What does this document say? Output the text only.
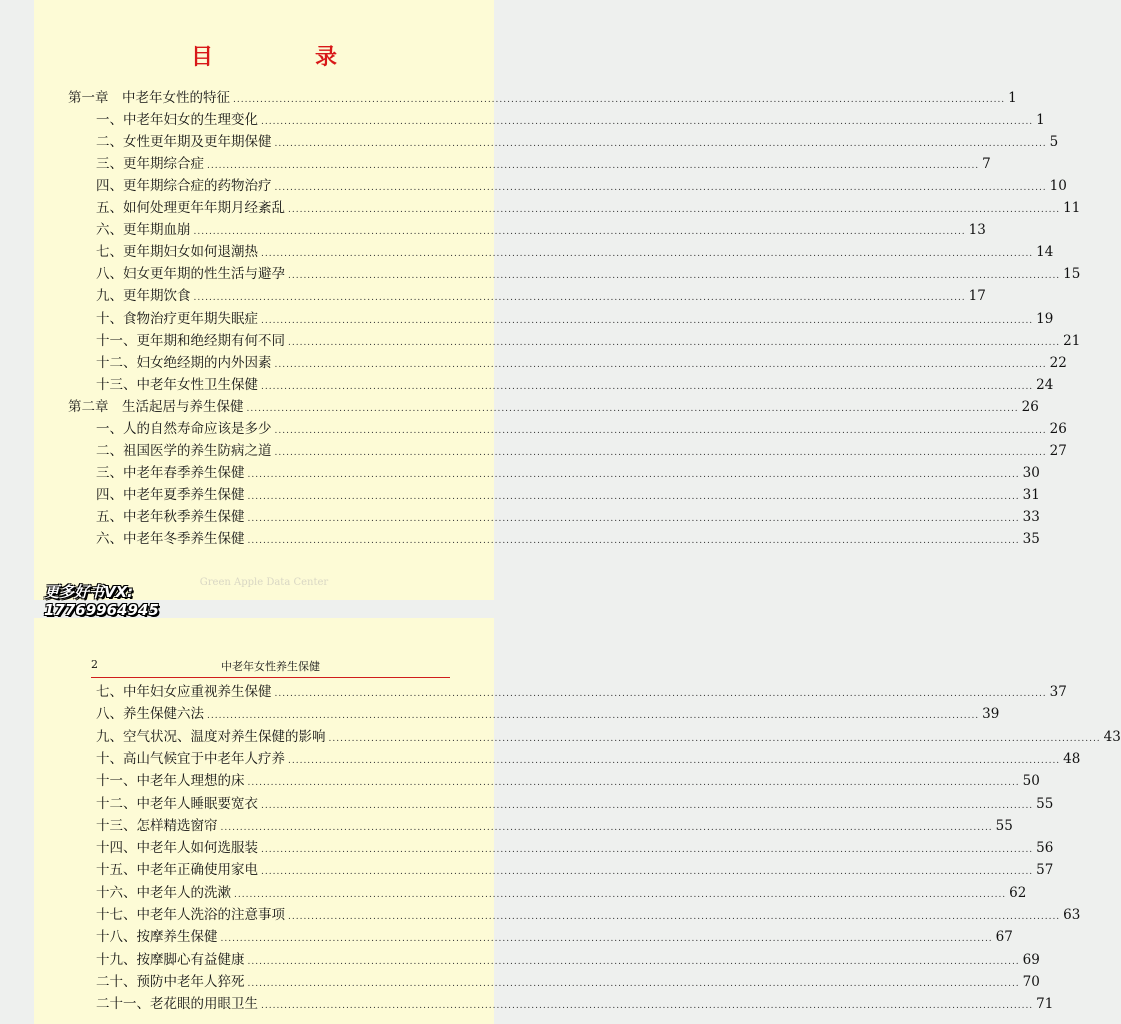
目　录
第一章　中老年女性的特征 ........................................................................................................................................................................................................ 1
一、中老年妇女的生理变化 ........................................................................................................................................................................................................ 1
二、女性更年期及更年期保健 ........................................................................................................................................................................................................ 5
三、更年期综合症 ........................................................................................................................................................................................................ 7
四、更年期综合症的药物治疗 ........................................................................................................................................................................................................ 10
五、如何处理更年年期月经紊乱 ........................................................................................................................................................................................................ 11
六、更年期血崩 ........................................................................................................................................................................................................ 13
七、更年期妇女如何退潮热 ........................................................................................................................................................................................................ 14
八、妇女更年期的性生活与避孕 ........................................................................................................................................................................................................ 15
九、更年期饮食 ........................................................................................................................................................................................................ 17
十、食物治疗更年期失眠症 ........................................................................................................................................................................................................ 19
十一、更年期和绝经期有何不同 ........................................................................................................................................................................................................ 21
十二、妇女绝经期的内外因素 ........................................................................................................................................................................................................ 22
十三、中老年女性卫生保健 ........................................................................................................................................................................................................ 24
第二章　生活起居与养生保健 ........................................................................................................................................................................................................ 26
一、人的自然寿命应该是多少 ........................................................................................................................................................................................................ 26
二、祖国医学的养生防病之道 ........................................................................................................................................................................................................ 27
三、中老年春季养生保健 ........................................................................................................................................................................................................ 30
四、中老年夏季养生保健 ........................................................................................................................................................................................................ 31
五、中老年秋季养生保健 ........................................................................................................................................................................................................ 33
六、中老年冬季养生保健 ........................................................................................................................................................................................................ 35
Green Apple Data Center
2	中老年女性养生保健
七、中年妇女应重视养生保健 ........................................................................................................................................................................................................ 37
八、养生保健六法 ........................................................................................................................................................................................................ 39
九、空气状况、温度对养生保健的影响 ........................................................................................................................................................................................................ 43
十、高山气候宜于中老年人疗养 ........................................................................................................................................................................................................ 48
十一、中老年人理想的床 ........................................................................................................................................................................................................ 50
十二、中老年人睡眠要宽衣 ........................................................................................................................................................................................................ 55
十三、怎样精选窗帘 ........................................................................................................................................................................................................ 55
十四、中老年人如何选服装 ........................................................................................................................................................................................................ 56
十五、中老年正确使用家电 ........................................................................................................................................................................................................ 57
十六、中老年人的洗漱 ........................................................................................................................................................................................................ 62
十七、中老年人洗浴的注意事项 ........................................................................................................................................................................................................ 63
十八、按摩养生保健 ........................................................................................................................................................................................................ 67
十九、按摩脚心有益健康 ........................................................................................................................................................................................................ 69
二十、预防中老年人猝死 ........................................................................................................................................................................................................ 70
二十一、老花眼的用眼卫生 ........................................................................................................................................................................................................ 71
更多好书VX:
17769964945
